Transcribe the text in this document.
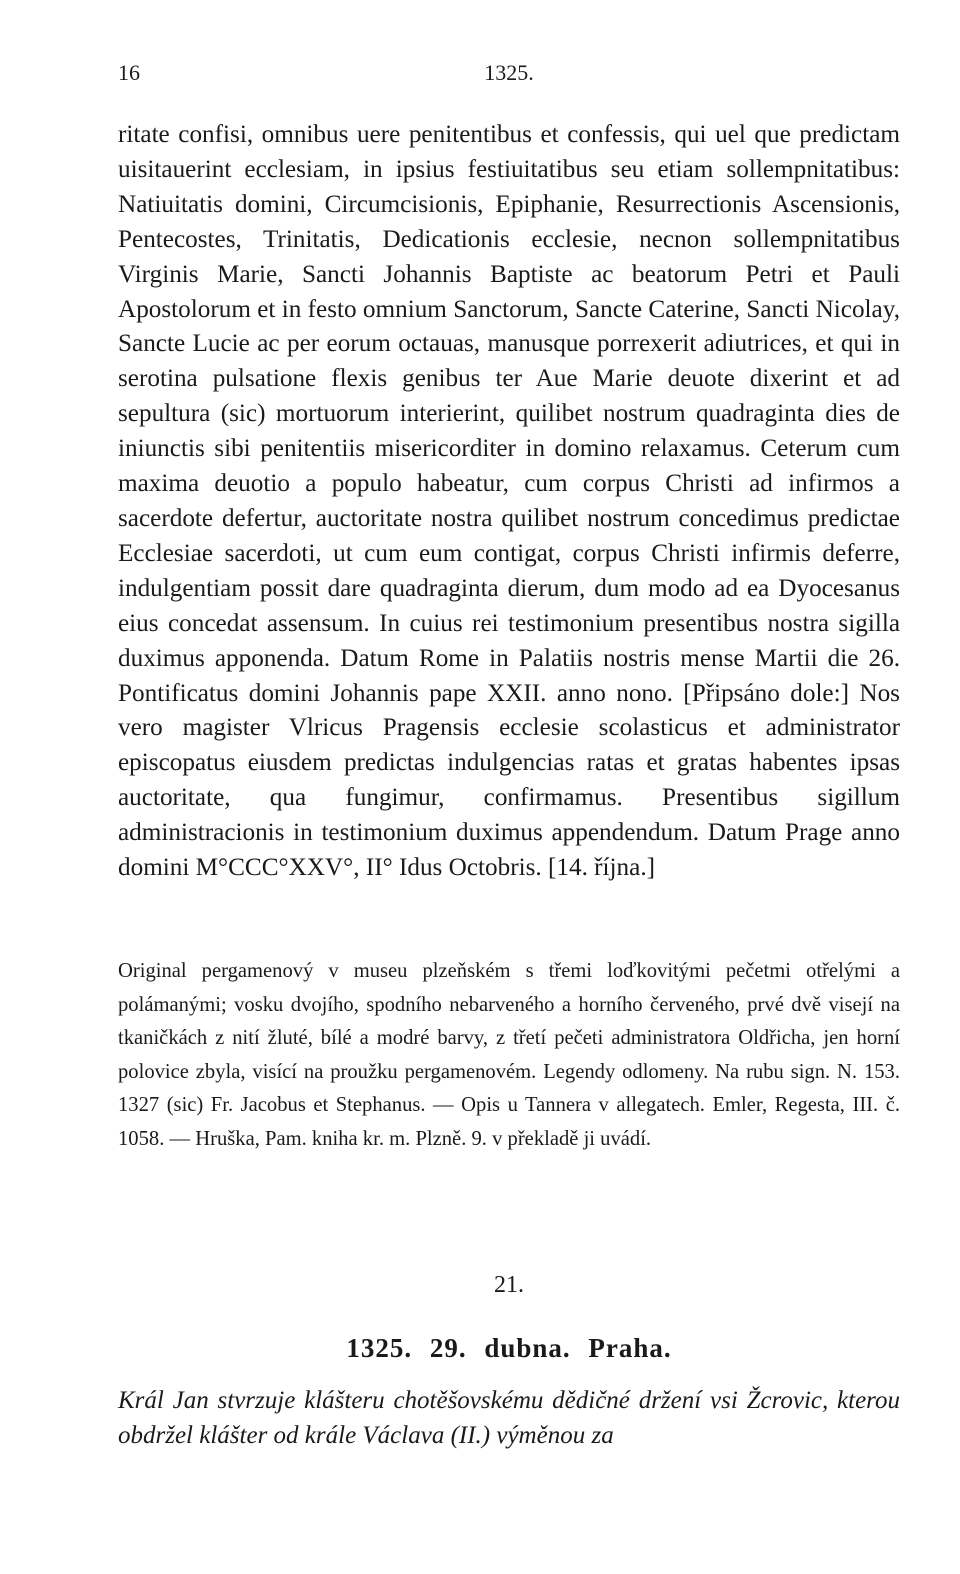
16	1325.

ritate confisi, omnibus uere penitentibus et confessis, qui uel que predictam uisitauerint ecclesiam, in ipsius festiuitatibus seu etiam sollempnitatibus: Natiuitatis domini, Circumcisionis, Epiphanie, Resurrectionis Ascensionis, Pentecostes, Trinitatis, Dedicationis ecclesie, necnon sollempnitatibus Virginis Marie, Sancti Johannis Baptiste ac beatorum Petri et Pauli Apostolorum et in festo omnium Sanctorum, Sancte Caterine, Sancti Nicolay, Sancte Lucie ac per eorum octauas, manusque porrexerit adiutrices, et qui in serotina pulsatione flexis genibus ter Aue Marie deuote dixerint et ad sepultura (sic) mortuorum interierint, quilibet nostrum quadraginta dies de iniunctis sibi penitentiis misericorditer in domino relaxamus. Ceterum cum maxima deuotio a populo habeatur, cum corpus Christi ad infirmos a sacerdote defertur, auctoritate nostra quilibet nostrum concedimus predictae Ecclesiae sacerdoti, ut cum eum contigat, corpus Christi infirmis deferre, indulgentiam possit dare quadraginta dierum, dum modo ad ea Dyocesanus eius concedat assensum. In cuius rei testimonium presentibus nostra sigilla duximus apponenda. Datum Rome in Palatiis nostris mense Martii die 26. Pontificatus domini Johannis pape XXII. anno nono. [Připsáno dole:] Nos vero magister Vlricus Pragensis ecclesie scolasticus et administrator episcopatus eiusdem predictas indulgencias ratas et gratas habentes ipsas auctoritate, qua fungimur, confirmamus. Presentibus sigillum administracionis in testimonium duximus appendendum. Datum Prage anno domini M°CCC°XXV°, II° Idus Octobris. [14. října.]

Original pergamenový v museu plzeňském s třemi loďkovitými pečetmi otřelými a polámanými; vosku dvojího, spodního nebarveného a horního červeného, prvé dvě visejí na tkaničkách z nití žluté, bílé a modré barvy, z třetí pečeti administratora Oldřicha, jen horní polovice zbyla, visící na proužku pergamenovém. Legendy odlomeny. Na rubu sign. N. 153. 1327 (sic) Fr. Jacobus et Stephanus. — Opis u Tannera v allegatech. Emler, Regesta, III. č. 1058. — Hruška, Pam. kniha kr. m. Plzně. 9. v překladě ji uvádí.

21.
1325. 29. dubna. Praha.

Král Jan stvrzuje klášteru chotěšovskému dědičné držení vsi Žcrovic, kterou obdržel klášter od krále Václava (II.) výměnou za
